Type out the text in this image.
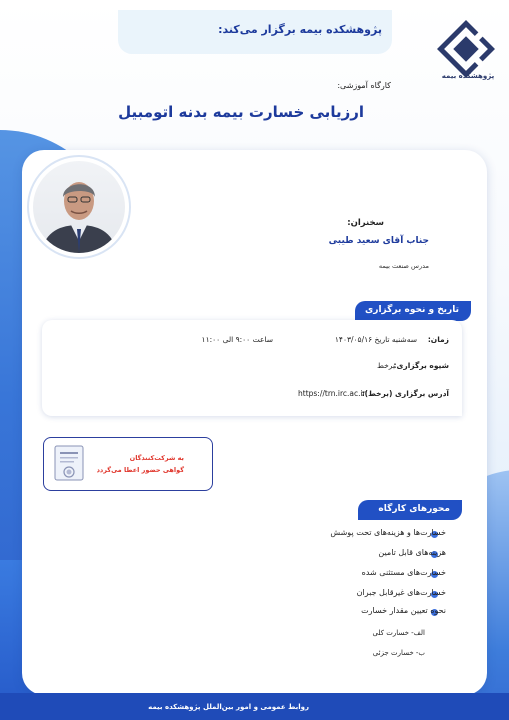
پژوهشکده بیمه برگزار می‌کند:
پژوهشکده بیمه
کارگاه آموزشی:
ارزیابی خسارت بیمه بدنه اتومبیل
سخنران:
جناب آقای سعید طیبی
مدرس صنعت بیمه
تاریخ و نحوه برگزاری
زمان:
سه‌شنبه تاریخ ۱۴۰۳/۰۵/۱۶
ساعت ۹:۰۰ الی ۱۱:۰۰
شیوه برگزاری:
برخط
آدرس برگزاری (برخط):
https://trn.irc.ac.ir
به شرکت‌کنندگان
گواهی حضور اعطا می‌گردد
محورهای کارگاه
خسارت‌ها و هزینه‌های تحت پوشش
هزینه‌های قابل تامین
خسارت‌های مستثنی شده
خسارت‌های غیرقابل جبران
نحوه تعیین مقدار خسارت
الف- خسارت کلی
ب- خسارت جزئی
WWW.IRC.AC.IR
روابط عمومی و امور بین‌الملل پژوهشکده بیمه
